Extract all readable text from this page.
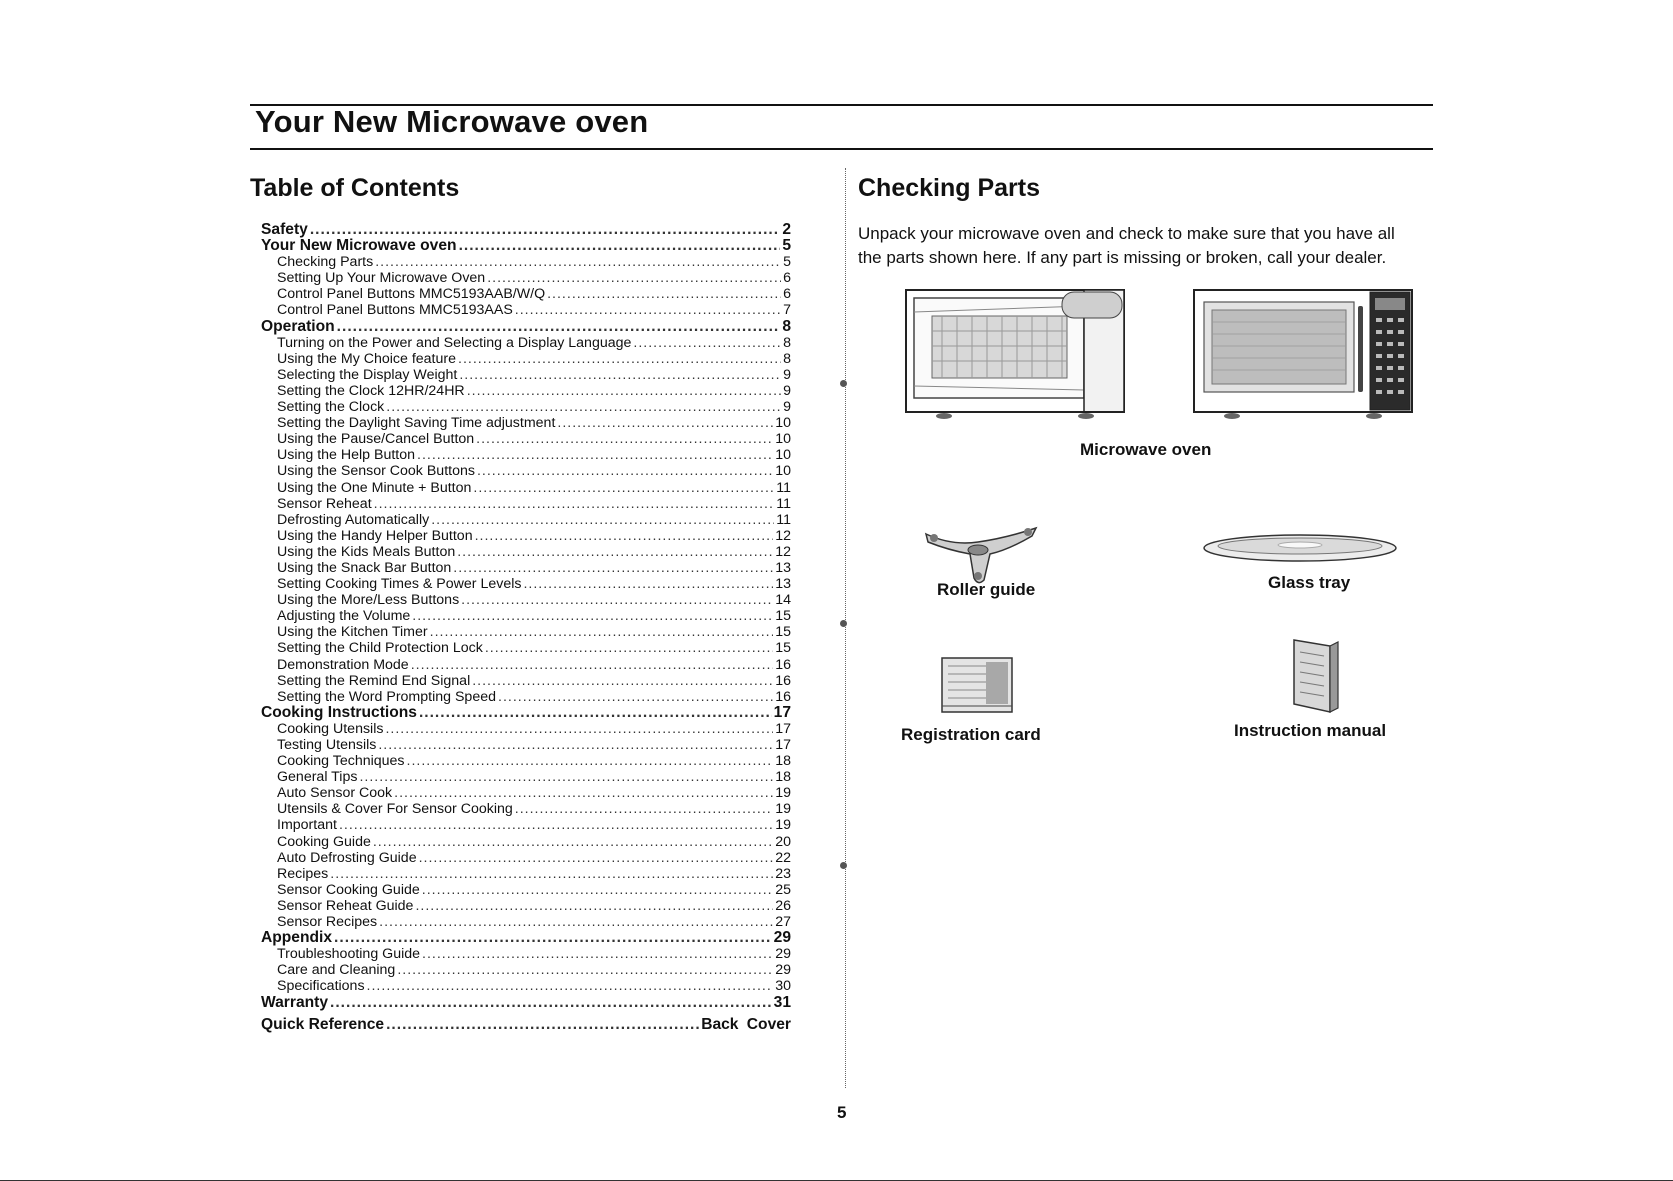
Your New Microwave oven
Table of Contents
Safety .....	2
Your New Microwave oven .....	5
Checking Parts .....	5
Setting Up Your Microwave Oven .....	6
Control Panel Buttons MMC5193AAB/W/Q .....	6
Control Panel Buttons MMC5193AAS .....	7
Operation .....	8
Turning on the Power and Selecting a Display Language .....	8
Using the My Choice feature .....	8
Selecting the Display Weight .....	9
Setting the Clock 12HR/24HR .....	9
Setting the Clock .....	9
Setting the Daylight Saving Time adjustment .....	10
Using the Pause/Cancel Button .....	10
Using the Help Button .....	10
Using the Sensor Cook Buttons .....	10
Using the One Minute + Button .....	11
Sensor Reheat .....	11
Defrosting Automatically .....	11
Using the Handy Helper Button .....	12
Using the Kids Meals Button .....	12
Using the Snack Bar Button .....	13
Setting Cooking Times & Power Levels .....	13
Using the More/Less Buttons .....	14
Adjusting the Volume .....	15
Using the Kitchen Timer .....	15
Setting the Child Protection Lock .....	15
Demonstration Mode .....	16
Setting the Remind End Signal .....	16
Setting the Word Prompting Speed .....	16
Cooking Instructions .....	17
Cooking Utensils .....	17
Testing Utensils .....	17
Cooking Techniques .....	18
General Tips .....	18
Auto Sensor Cook .....	19
Utensils & Cover For Sensor Cooking .....	19
Important .....	19
Cooking Guide .....	20
Auto Defrosting Guide .....	22
Recipes .....	23
Sensor Cooking Guide .....	25
Sensor Reheat Guide .....	26
Sensor Recipes .....	27
Appendix .....	29
Troubleshooting Guide .....	29
Care and Cleaning .....	29
Specifications .....	30
Warranty .....	31
Quick Reference .....	Back Cover
Checking Parts
Unpack your microwave oven and check to make sure that you have all
the parts shown here. If any part is missing or broken, call your dealer.
Microwave oven
Roller guide	Glass tray
Registration card	Instruction manual
5
